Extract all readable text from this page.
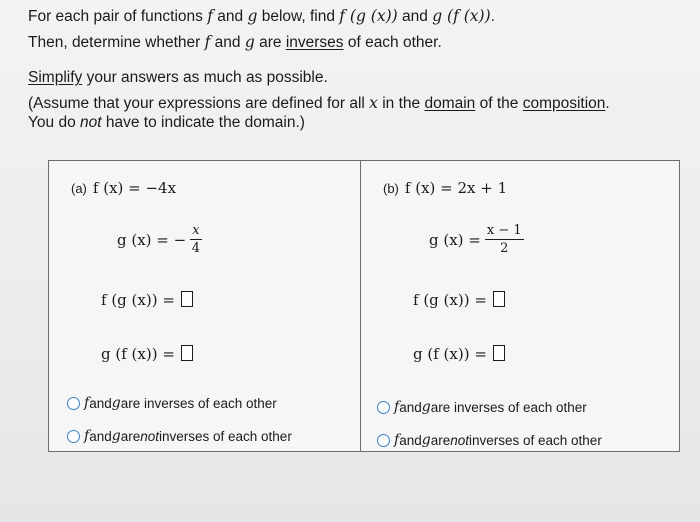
For each pair of functions f and g below, find f (g (x)) and g (f (x)).
Then, determine whether f and g are inverses of each other.
Simplify your answers as much as possible.
(Assume that your expressions are defined for all x in the domain of the composition.
You do not have to indicate the domain.)
(a) f (x) = −4x
g (x) = − $\frac{x}{4}$
f (g (x)) =
g (f (x)) =
f and g are inverses of each other
f and g are not inverses of each other
(b) f (x) = 2x + 1
g $(x) = \frac{x - 1}{2}$
f (g (x)) =
g (f (x)) =
f and g are inverses of each other
f and g are not inverses of each other
